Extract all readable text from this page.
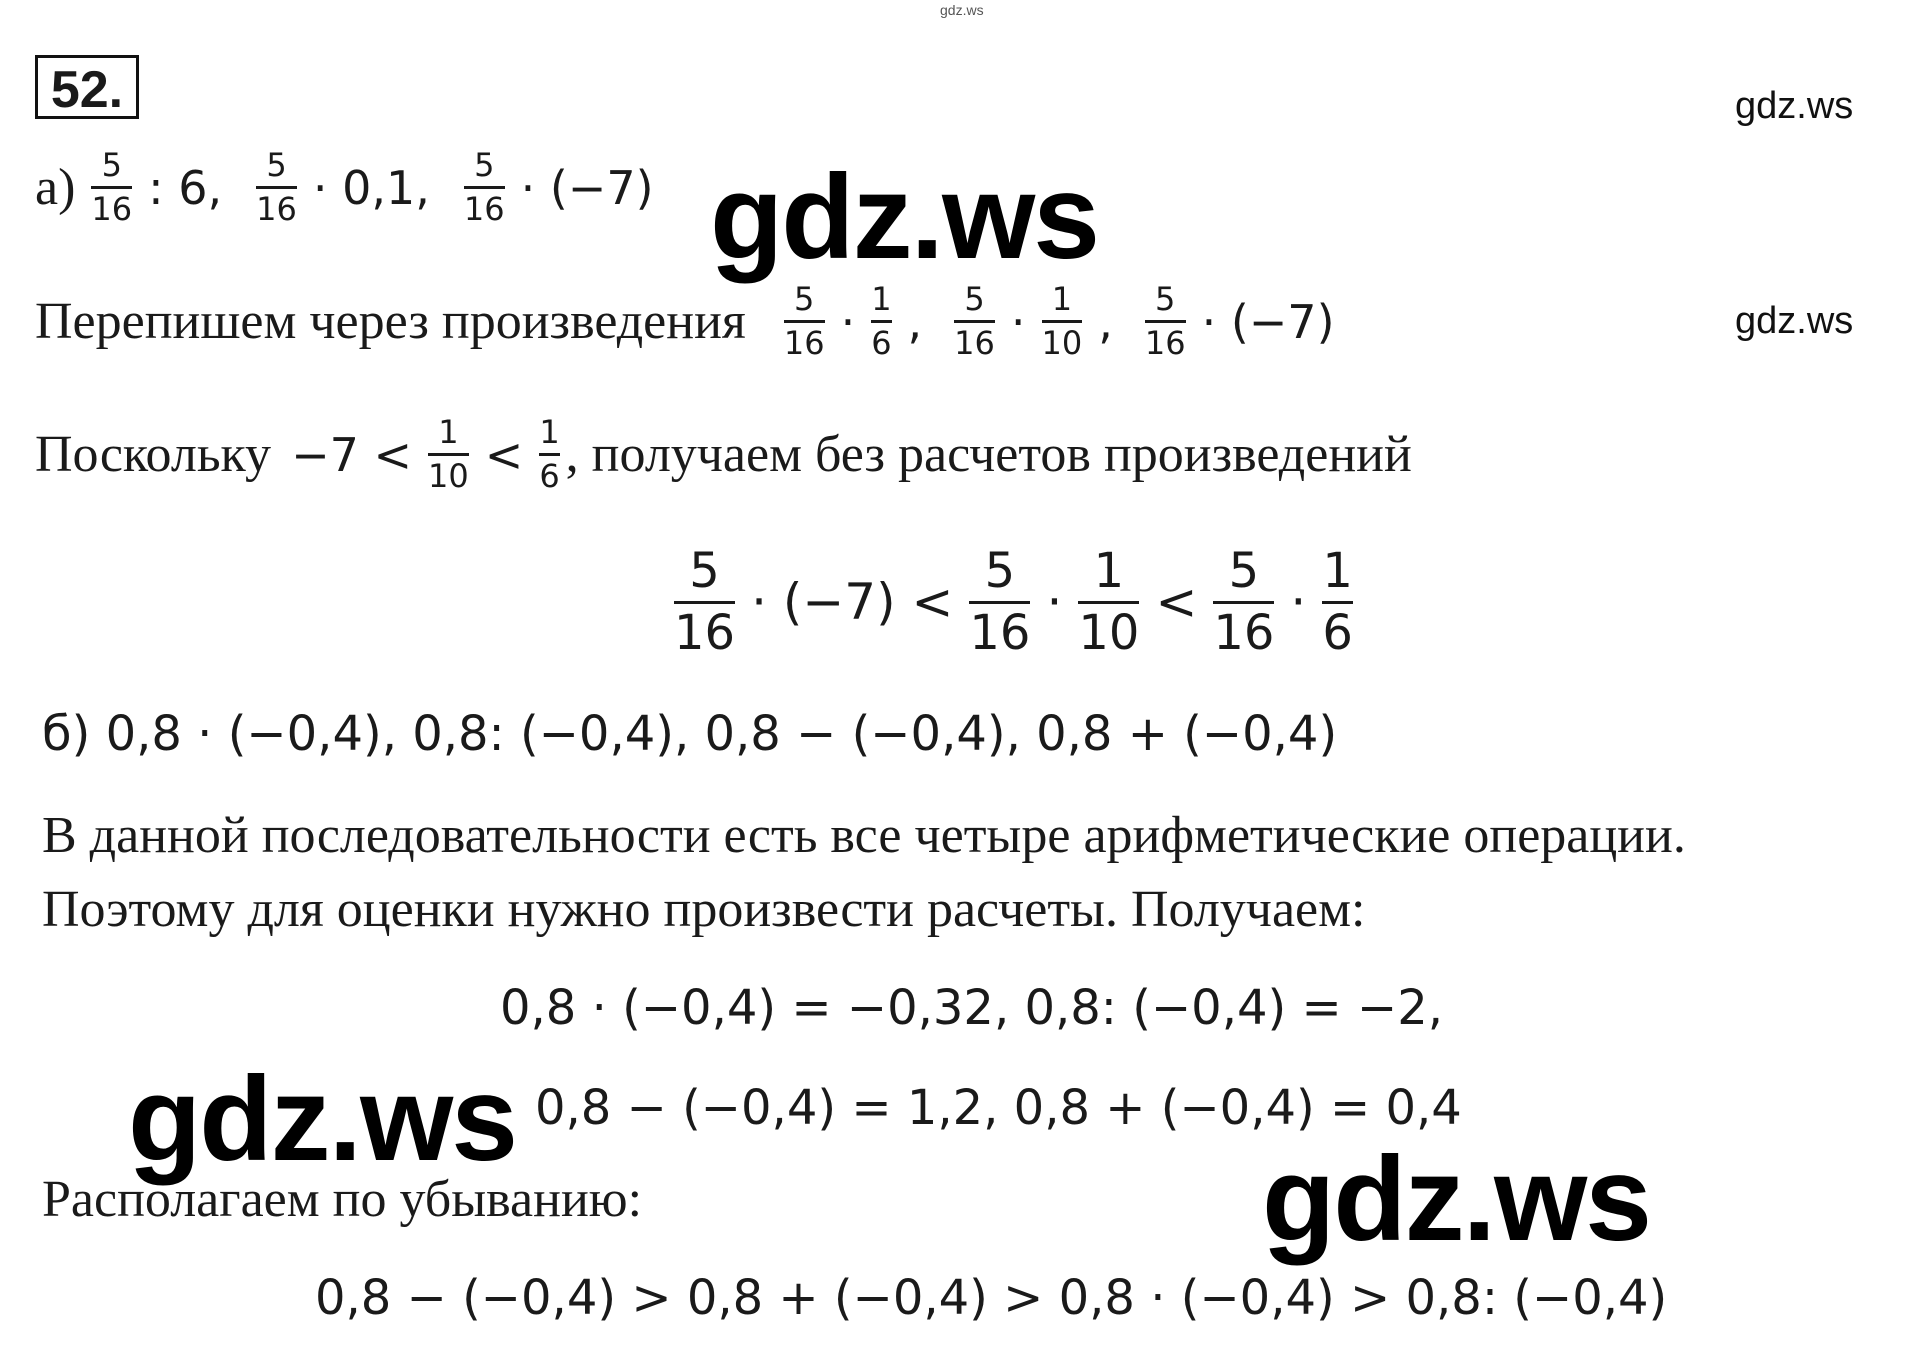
gdz.ws
52.	gdz.ws
gdz.ws
$а) \frac{5}{16}$ : 6, $\frac{5}{16} \cdot 0,1$, $\frac{5}{16} \cdot (-7)$ gdz.ws
Перепишем через произведения $\frac{5}{16} \cdot \frac{1}{6}$ , $\frac{5}{16} \cdot \frac{1}{10}$ , $\frac{5}{16} \cdot (-7)$
Поскольку $-7 < \frac{1}{10} < \frac{1}{6}$ , получаем без расчетов произведений
$\frac{5}{16} \cdot (-7) < \frac{5}{16} \cdot \frac{1}{10} < \frac{5}{16} \cdot \frac{1}{6}$
б) 0,8 · (−0,4), 0,8: (−0,4), 0,8 − (−0,4), 0,8 + (−0,4)
В данной последовательности есть все четыре арифметические операции.
Поэтому для оценки нужно произвести расчеты. Получаем:
0,8 · (−0,4) = −0,32, 0,8: (−0,4) = −2,
0,8 − (−0,4) = 1,2, 0,8 + (−0,4) = 0,4
gdz.ws
Располагаем по убыванию:	gdz.ws
0,8 − (−0,4) > 0,8 + (−0,4) > 0,8 · (−0,4) > 0,8: (−0,4)
